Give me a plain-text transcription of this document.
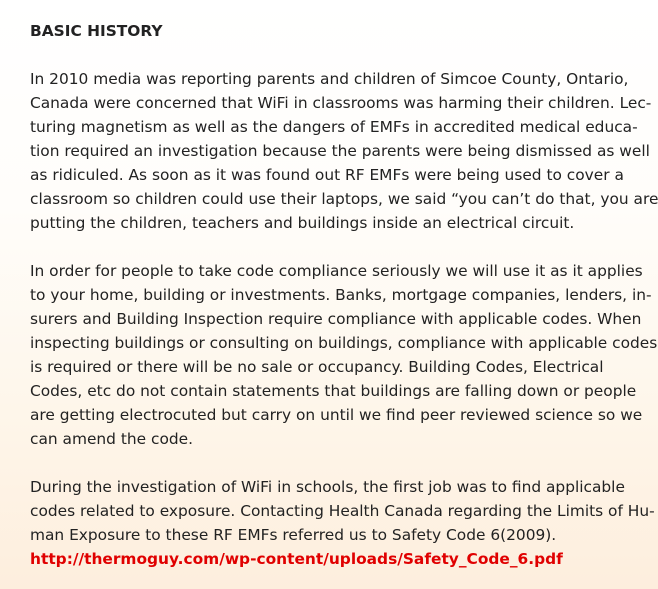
BASIC HISTORY

In 2010 media was reporting parents and children of Simcoe County, Ontario,
Canada were concerned that WiFi in classrooms was harming their children. Lec-
turing magnetism as well as the dangers of EMFs in accredited medical educa-
tion required an investigation because the parents were being dismissed as well
as ridiculed. As soon as it was found out RF EMFs were being used to cover a
classroom so children could use their laptops, we said “you can’t do that, you are
putting the children, teachers and buildings inside an electrical circuit.

In order for people to take code compliance seriously we will use it as it applies
to your home, building or investments. Banks, mortgage companies, lenders, in-
surers and Building Inspection require compliance with applicable codes. When
inspecting buildings or consulting on buildings, compliance with applicable codes
is required or there will be no sale or occupancy. Building Codes, Electrical
Codes, etc do not contain statements that buildings are falling down or people
are getting electrocuted but carry on until we find peer reviewed science so we
can amend the code.

During the investigation of WiFi in schools, the first job was to find applicable
codes related to exposure. Contacting Health Canada regarding the Limits of Hu-
man Exposure to these RF EMFs referred us to Safety Code 6(2009).
http://thermoguy.com/wp-content/uploads/Safety_Code_6.pdf
